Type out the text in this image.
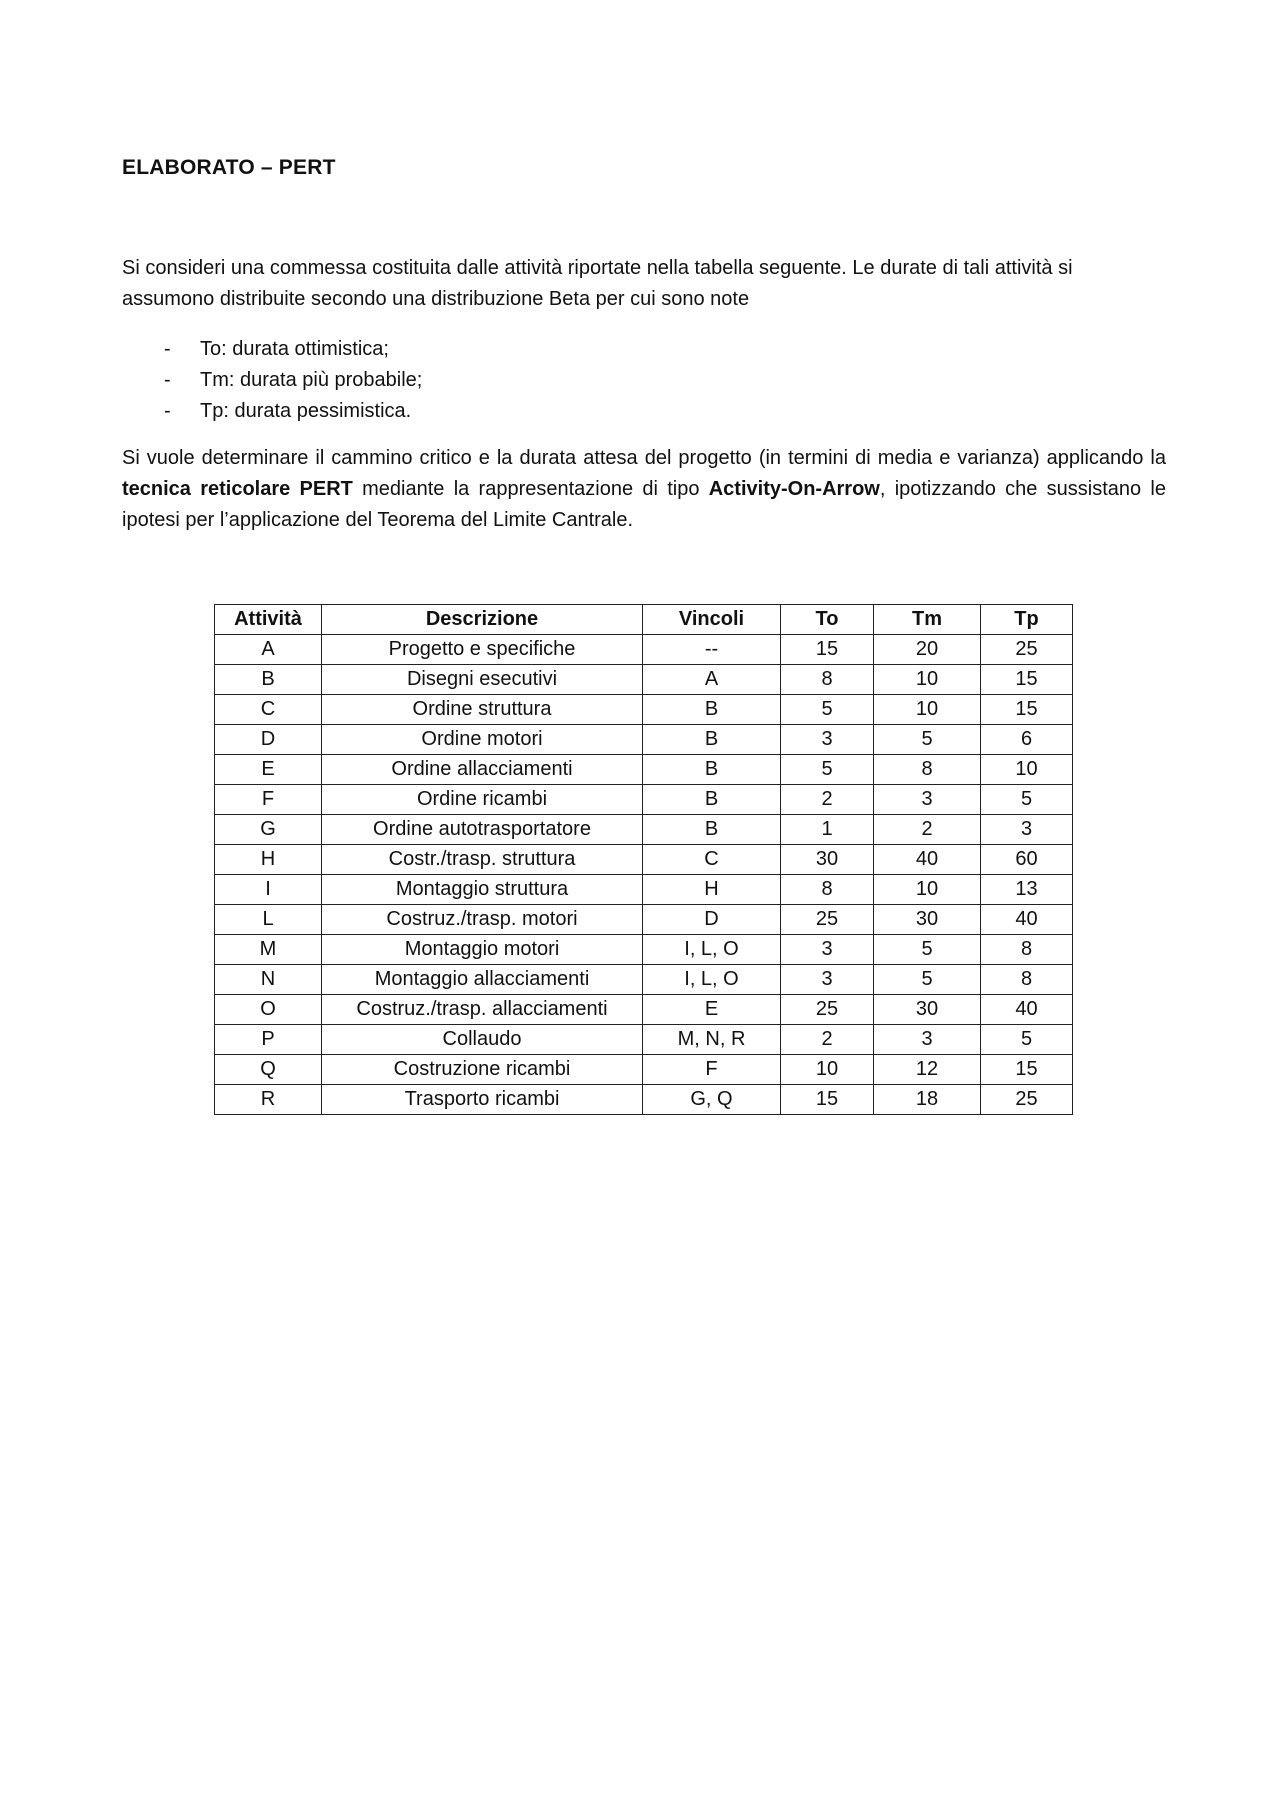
ELABORATO – PERT
Si consideri una commessa costituita dalle attività riportate nella tabella seguente. Le durate di tali attività si assumono distribuite secondo una distribuzione Beta per cui sono note
- To: durata ottimistica;
- Tm: durata più probabile;
- Tp: durata pessimistica.
Si vuole determinare il cammino critico e la durata attesa del progetto (in termini di media e varianza) applicando la tecnica reticolare PERT mediante la rappresentazione di tipo Activity-On-Arrow, ipotizzando che sussistano le ipotesi per l’applicazione del Teorema del Limite Cantrale.
Attività	Descrizione	Vincoli	To	Tm	Tp
A	Progetto e specifiche	--	15	20	25
B	Disegni esecutivi	A	8	10	15
C	Ordine struttura	B	5	10	15
D	Ordine motori	B	3	5	6
E	Ordine allacciamenti	B	5	8	10
F	Ordine ricambi	B	2	3	5
G	Ordine autotrasportatore	B	1	2	3
H	Costr./trasp. struttura	C	30	40	60
I	Montaggio struttura	H	8	10	13
L	Costruz./trasp. motori	D	25	30	40
M	Montaggio motori	I, L, O	3	5	8
N	Montaggio allacciamenti	I, L, O	3	5	8
O	Costruz./trasp. allacciamenti	E	25	30	40
P	Collaudo	M, N, R	2	3	5
Q	Costruzione ricambi	F	10	12	15
R	Trasporto ricambi	G, Q	15	18	25
